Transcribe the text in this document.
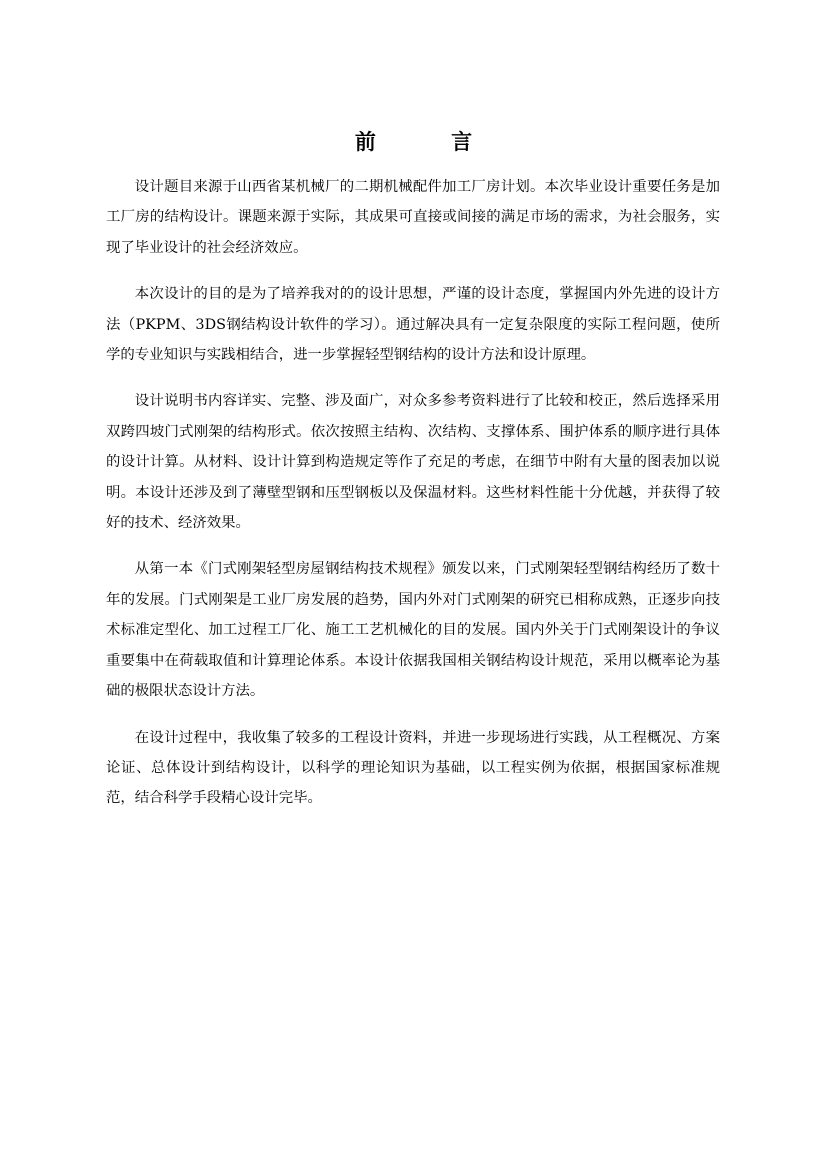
前 言

设计题目来源于山西省某机械厂的二期机械配件加工厂房计划。本次毕业设计重要任务是加工厂房的结构设计。课题来源于实际，其成果可直接或间接的满足市场的需求，为社会服务，实现了毕业设计的社会经济效应。

本次设计的目的是为了培养我对的的设计思想，严谨的设计态度，掌握国内外先进的设计方法（PKPM、3DS钢结构设计软件的学习）。通过解决具有一定复杂限度的实际工程问题，使所学的专业知识与实践相结合，进一步掌握轻型钢结构的设计方法和设计原理。

设计说明书内容详实、完整、涉及面广，对众多参考资料进行了比较和校正，然后选择采用双跨四坡门式刚架的结构形式。依次按照主结构、次结构、支撑体系、围护体系的顺序进行具体的设计计算。从材料、设计计算到构造规定等作了充足的考虑，在细节中附有大量的图表加以说明。本设计还涉及到了薄壁型钢和压型钢板以及保温材料。这些材料性能十分优越，并获得了较好的技术、经济效果。

从第一本《门式刚架轻型房屋钢结构技术规程》颁发以来，门式刚架轻型钢结构经历了数十年的发展。门式刚架是工业厂房发展的趋势，国内外对门式刚架的研究已相称成熟，正逐步向技术标准定型化、加工过程工厂化、施工工艺机械化的目的发展。国内外关于门式刚架设计的争议重要集中在荷载取值和计算理论体系。本设计依据我国相关钢结构设计规范，采用以概率论为基础的极限状态设计方法。

在设计过程中，我收集了较多的工程设计资料，并进一步现场进行实践，从工程概况、方案论证、总体设计到结构设计，以科学的理论知识为基础，以工程实例为依据，根据国家标准规范，结合科学手段精心设计完毕。
